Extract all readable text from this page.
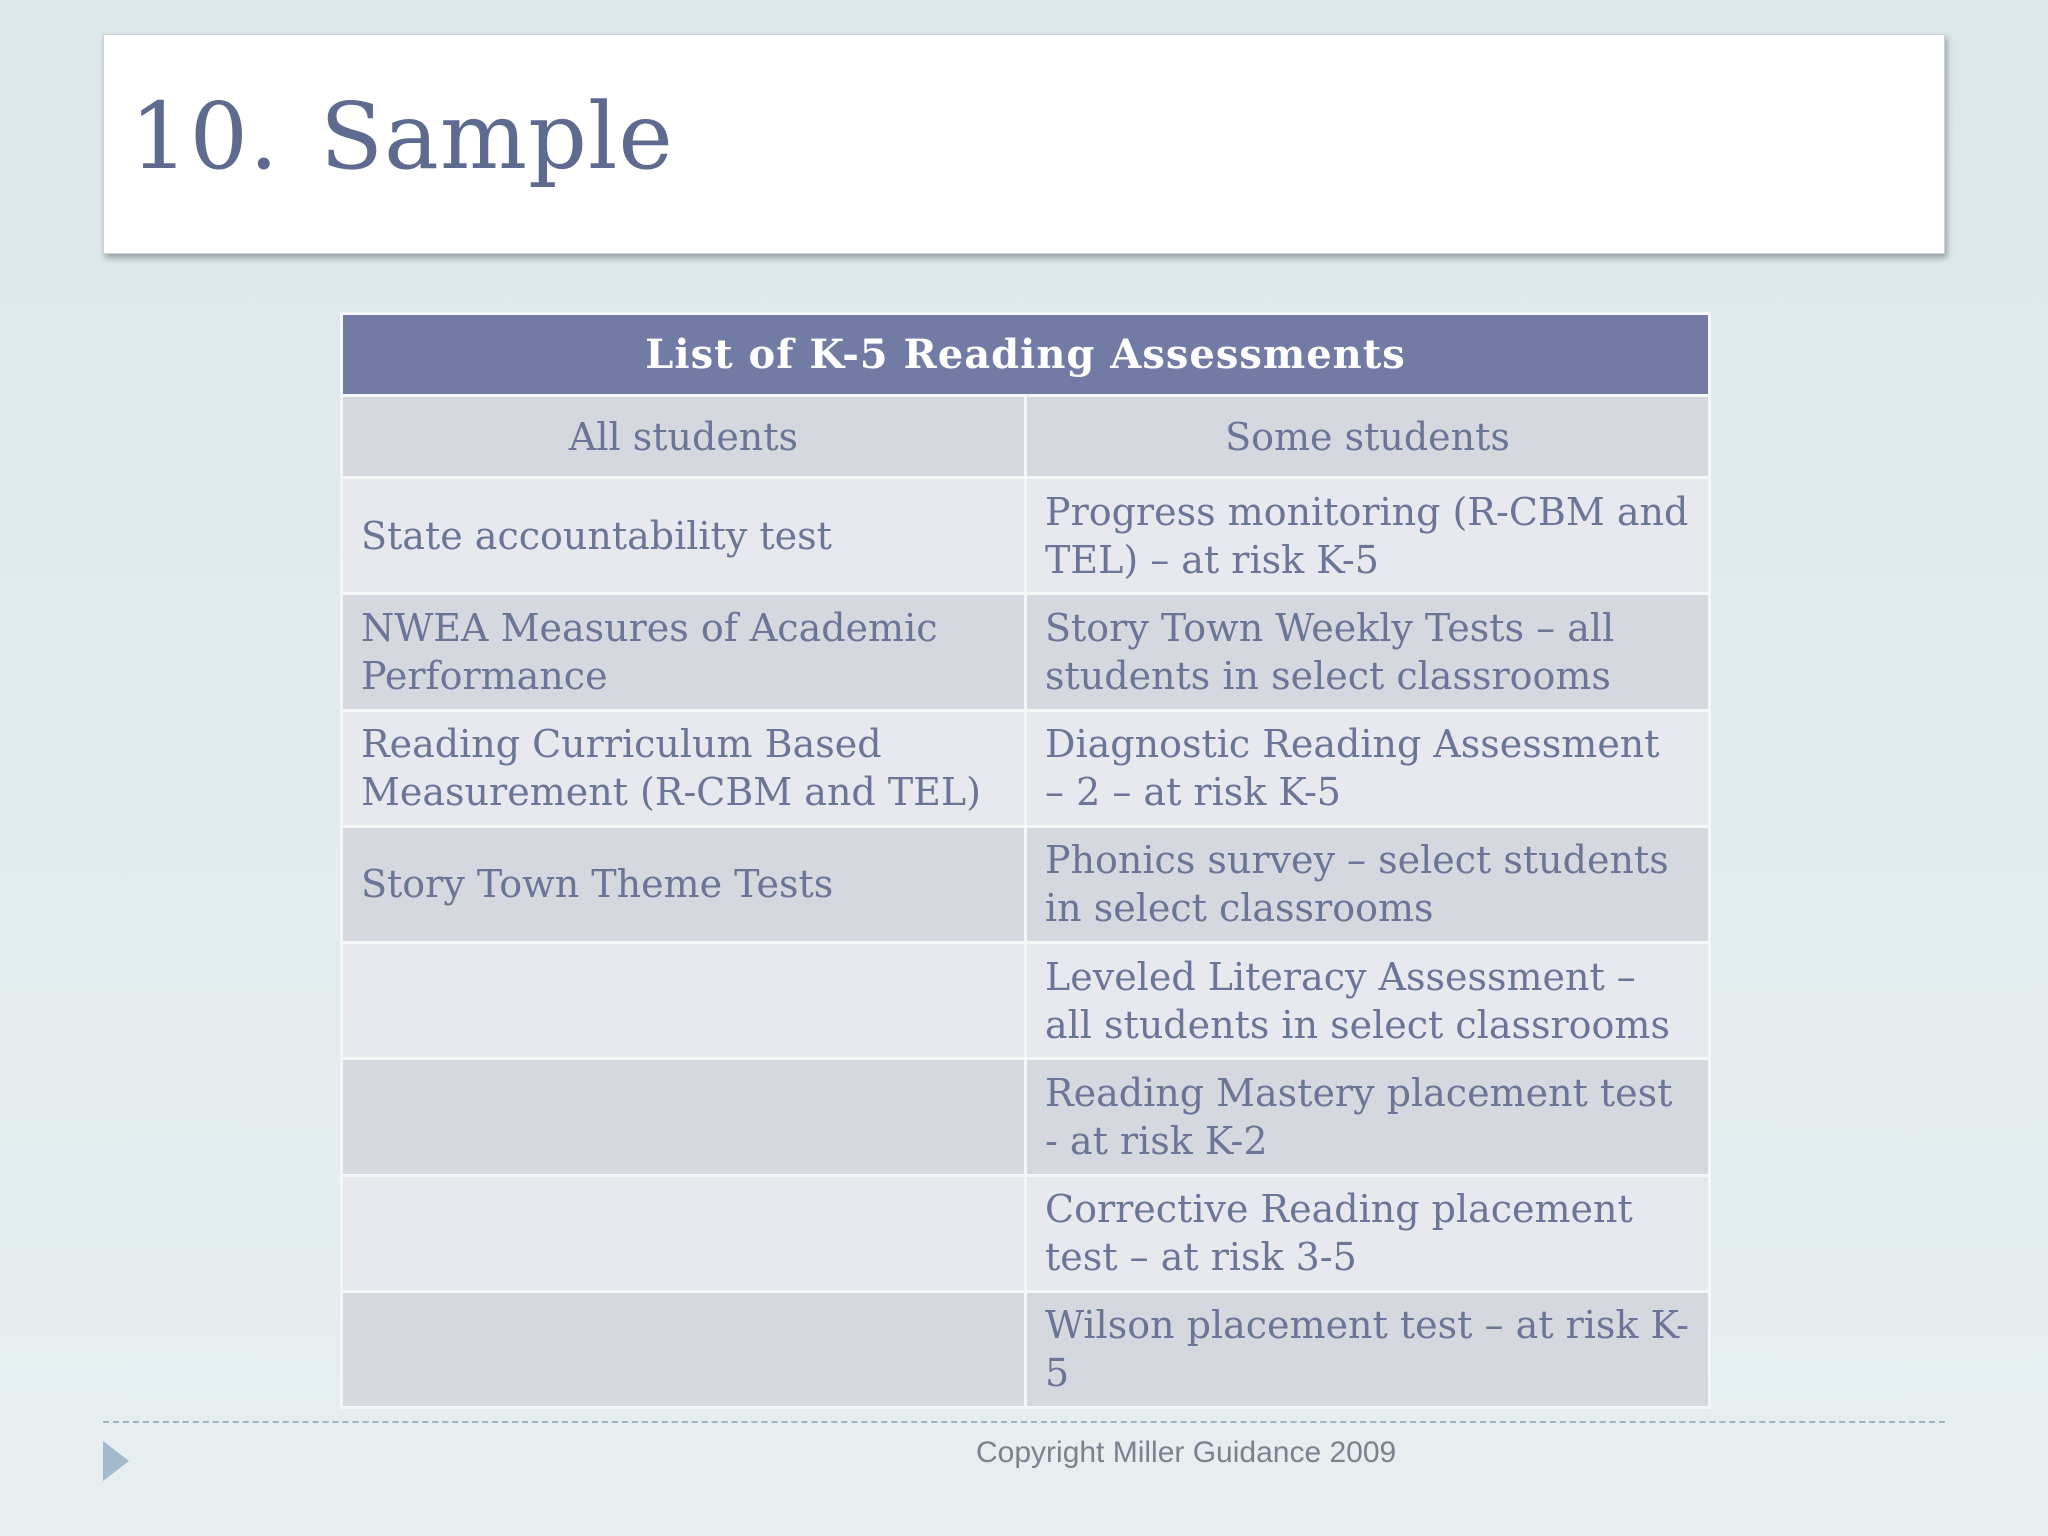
10. Sample
List of K-5 Reading Assessments	
All students	Some students
State accountability test	Progress monitoring (R-CBM and TEL) – at risk K-5
NWEA Measures of Academic Performance	Story Town Weekly Tests – all students in select classrooms
Reading Curriculum Based Measurement (R-CBM and TEL)	Diagnostic Reading Assessment – 2 – at risk K-5
Story Town Theme Tests	Phonics survey – select students in select classrooms
	Leveled Literacy Assessment – all students in select classrooms
	Reading Mastery placement test - at risk K-2
	Corrective Reading placement test – at risk 3-5
	Wilson placement test – at risk K-5
Copyright Miller Guidance 2009
